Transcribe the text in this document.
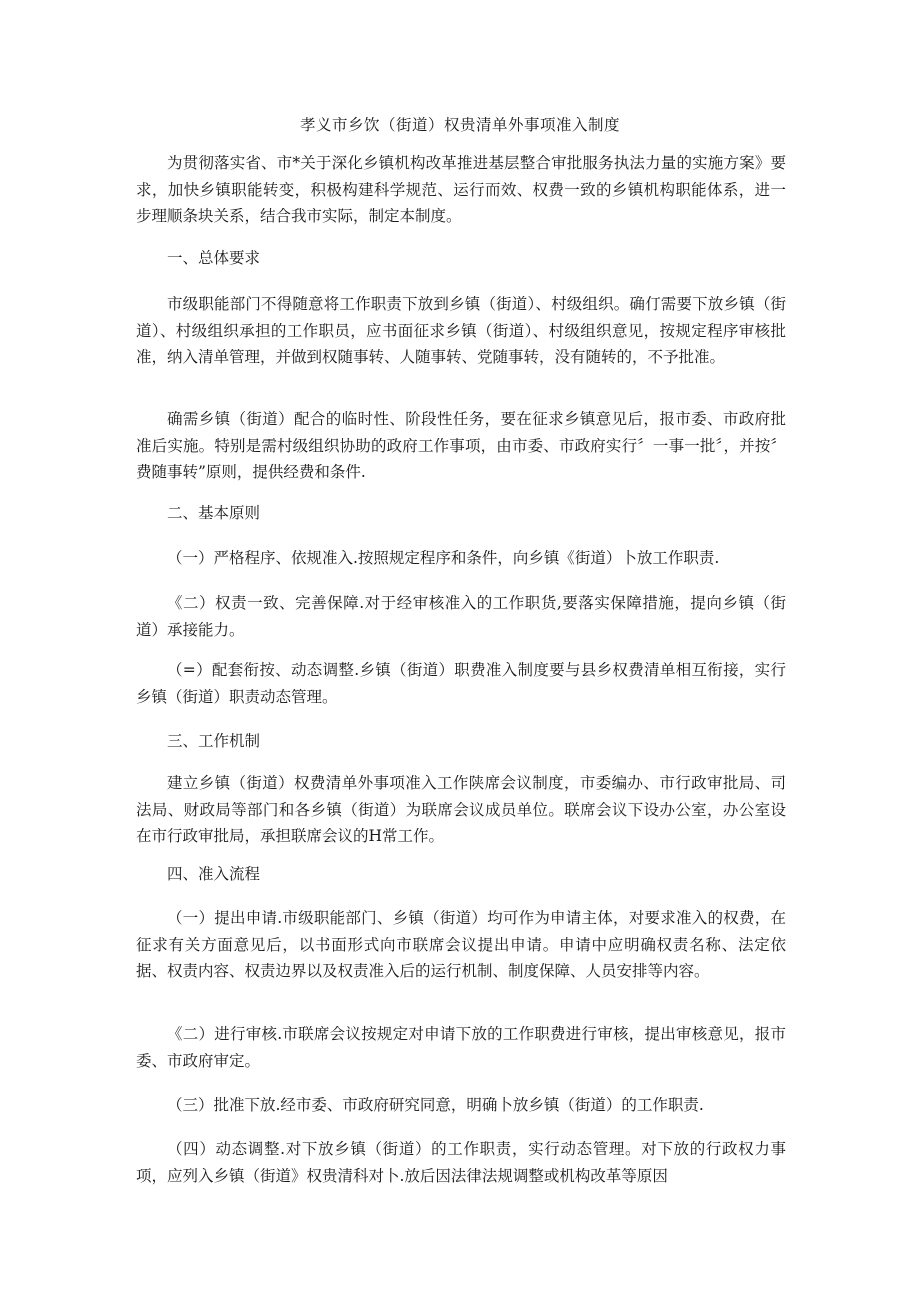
孝义市乡饮（街道）权贵清单外事项准入制度
为贯彻落实省、市*关于深化乡镇机构改革推进基层整合审批服务执法力量的实施方案》要求，加快乡镇职能转变，积极构建科学规范、运行而效、权费一致的乡镇机构职能体系，进一步理顺条块关系，结合我市实际，制定本制度。
一、总体要求
市级职能部门不得随意将工作职责下放到乡镇（街道）、村级组织。确仃需要下放乡镇（街道）、村级组织承担的工作职员，应书面征求乡镇（街道）、村级组织意见，按规定程序审核批准，纳入清单管理，并做到权随事转、人随事转、党随事转，没有随转的，不予批准。
确需乡镇（街道）配合的临时性、阶段性任务，要在征求乡镇意见后，报市委、市政府批准后实施。特别是需村级组织协助的政府工作事项，由市委、市政府实行〞一事一批〞，并按〞费随事转”原则，提供经费和条件.
二、基本原则
（一）严格程序、依规准入.按照规定程序和条件，向乡镇《街道）卜放工作职责.
《二）权责一致、完善保障.对于经审核准入的工作职货,要落实保障措施，提向乡镇（街道）承接能力。
（=）配套衔按、动态调整.乡镇（街道）职费准入制度要与县乡权费清单相互衔接，实行乡镇（街道）职责动态管理。
三、工作机制
建立乡镇（街道）权费清单外事项准入工作陕席会议制度，市委编办、市行政审批局、司法局、财政局等部门和各乡镇（街道）为联席会议成员单位。联席会议下设办公室，办公室设在市行政审批局，承担联席会议的H常工作。
四、准入流程
（一）提出申请.市级职能部门、乡镇（街道）均可作为申请主体，对要求准入的权费，在征求有关方面意见后，以书面形式向市联席会议提出申请。申请中应明确权责名称、法定依据、权责内容、权责边界以及权责准入后的运行机制、制度保障、人员安排等内容。
《二）进行审核.市联席会议按规定对申请下放的工作职费进行审核，提出审核意见，报市委、市政府审定。
（三）批准下放.经市委、市政府研究同意，明确卜放乡镇（街道）的工作职责.
（四）动态调整.对下放乡镇（街道）的工作职责，实行动态管理。对下放的行政权力事项，应列入乡镇（街道》权贵清科对卜.放后因法律法规调整或机构改革等原因
